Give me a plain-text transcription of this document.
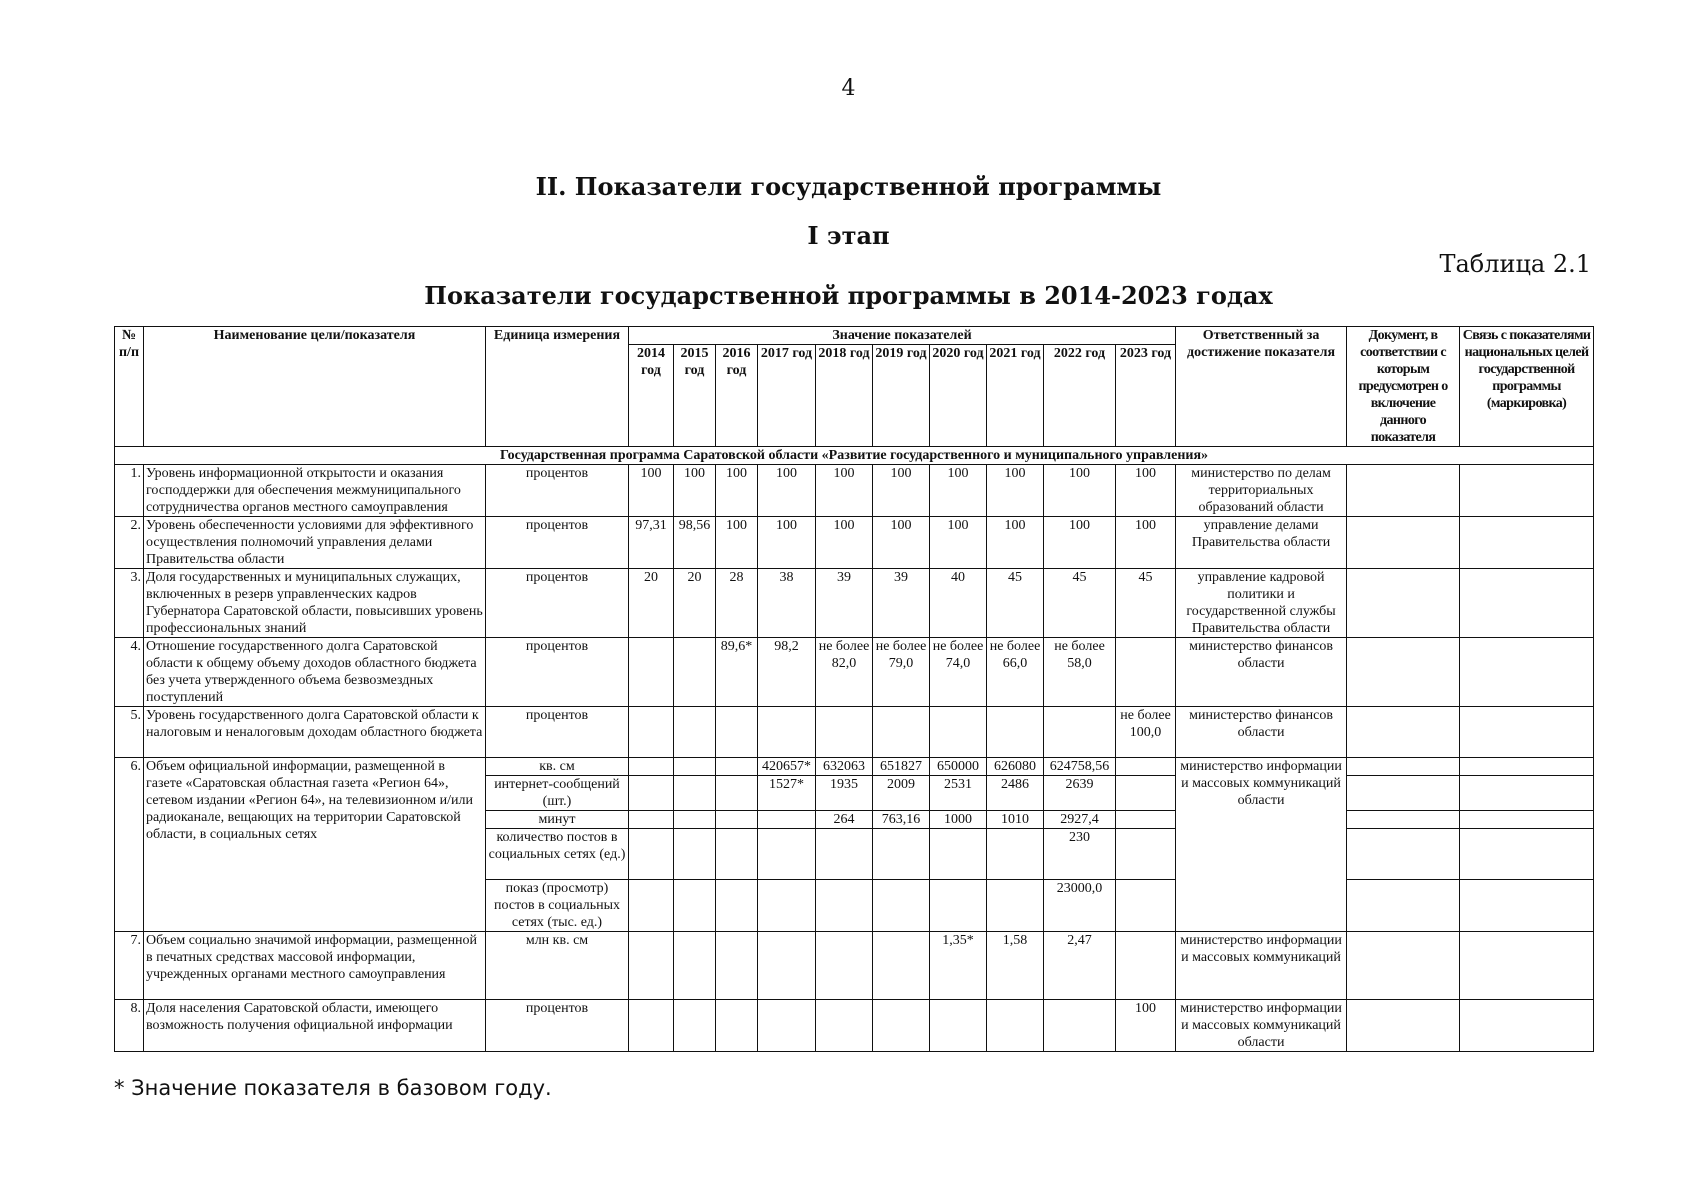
4
II. Показатели государственной программы
I этап
Таблица 2.1
Показатели государственной программы в 2014-2023 годах
№ п/п	Наименование цели/показателя	Единица измерения	Значение показателей										Ответственный за достижение показателя	Документ, в соответствии с которым предусмотрен о включение данного показателя	Связь с показателями национальных целей государственной программы (маркировка)
			2014 год	2015 год	2016 год	2017 год	2018 год	2019 год	2020 год	2021 год	2022 год	2023 год			
Государственная программа Саратовской области «Развитие государственного и муниципального управления»															
1.	Уровень информационной открытости и оказания господдержки для обеспечения межмуниципального сотрудничества органов местного самоуправления	процентов	100	100	100	100	100	100	100	100	100	100	министерство по делам территориальных образований области		
2.	Уровень обеспеченности условиями для эффективного осуществления полномочий управления делами Правительства области	процентов	97,31	98,56	100	100	100	100	100	100	100	100	управление делами Правительства области		
3.	Доля государственных и муниципальных служащих, включенных в резерв управленческих кадров Губернатора Саратовской области, повысивших уровень профессиональных знаний	процентов	20	20	28	38	39	39	40	45	45	45	управление кадровой политики и государственной службы Правительства области		
4.	Отношение государственного долга Саратовской области к общему объему доходов областного бюджета без учета утвержденного объема безвозмездных поступлений	процентов			89,6*	98,2	не более 82,0	не более 79,0	не более 74,0	не более 66,0	не более 58,0		министерство финансов области		
5.	Уровень государственного долга Саратовской области к налоговым и неналоговым доходам областного бюджета	процентов										не более 100,0	министерство финансов области		
6.	Объем официальной информации, размещенной в газете «Саратовская областная газета «Регион 64», сетевом издании «Регион 64», на телевизионном и/или радиоканале, вещающих на территории Саратовской области, в социальных сетях	кв. см				420657*	632063	651827	650000	626080	624758,56		министерство информации и массовых коммуникаций области		
		интернет-сообщений (шт.)				1527*	1935	2009	2531	2486	2639				
		минут					264	763,16	1000	1010	2927,4				
		количество постов в социальных сетях (ед.)									230				
		показ (просмотр) постов в социальных сетях (тыс. ед.)									23000,0				
7.	Объем социально значимой информации, размещенной в печатных средствах массовой информации, учрежденных органами местного самоуправления	млн кв. см							1,35*	1,58	2,47		министерство информации и массовых коммуникаций		
8.	Доля населения Саратовской области, имеющего возможность получения официальной информации	процентов										100	министерство информации и массовых коммуникаций области		
* Значение показателя в базовом году.
